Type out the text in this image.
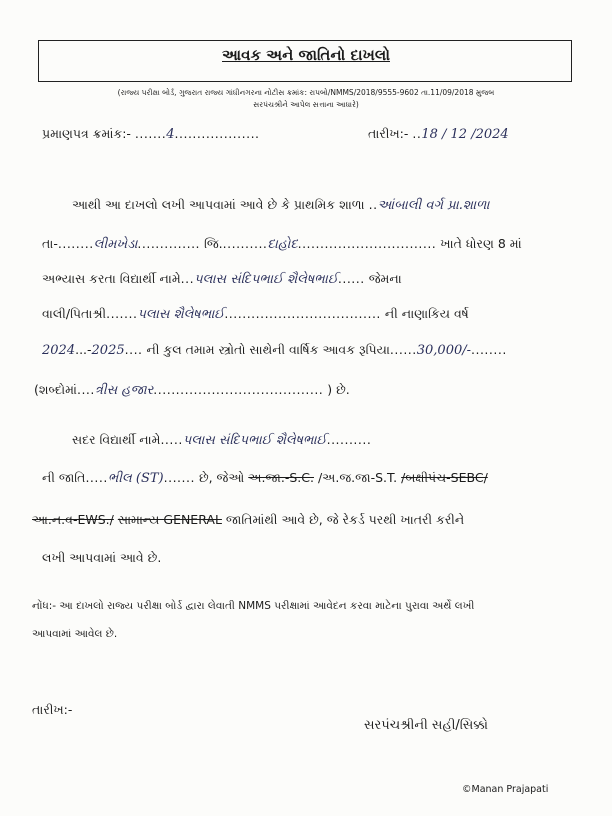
આવક અને જાતિનો દાખલો
(રાજ્ય પરીક્ષા બોર્ડ, ગુજરાત રાજ્ય ગાંધીનગરના નોટીસ ક્રમાંક: રાપબો/NMMS/2018/9555-9602 તા.11/09/2018 મુજબ
સરપંચશ્રીને આપેલ સત્તાના આધારે)
પ્રમાણપત્ર ક્રમાંક:- .......4...................	તારીખ:- ..18 / 12 /2024
આથી આ દાખલો લખી આપવામાં આવે છે કે પ્રાથમિક શાળા ..આંબાલી વર્ગ પ્રા.શાળા
તા-........લીમખેડા.............. જિ...........દાહોદ............................... ખાતે ધોરણ 8 માં
અભ્યાસ કરતા વિદ્યાર્થી નામે...પલાસ સંદિપભાઈ શૈલેષભાઈ...... જેમના
વાલી/પિતાશ્રી.......પલાસ શૈલેષભાઈ................................... ની નાણાકિય વર્ષ
2024...-2025.... ની કુલ તમામ સ્ત્રોતો સાથેની વાર્ષિક આવક રૂપિયા......30,000/-........
(શબ્દોમાં....ત્રીસ હજાર...................................... ) છે.
સદર વિદ્યાર્થી નામે.....પલાસ સંદિપભાઈ શૈલેષભાઈ..........
ની જાતિ.....ભીલ (ST)....... છે, જેઓ અ.જા.-S.C. /અ.જ.જા-S.T. /બક્ષીપંચ-SEBC/
આ.ન.વ-EWS./ સામાન્ય GENERAL જાતિમાંથી આવે છે, જે રેકર્ડ પરથી ખાતરી કરીને
લખી આપવામાં આવે છે.
નોંધ:- આ દાખલો રાજ્ય પરીક્ષા બોર્ડ દ્વારા લેવાતી NMMS પરીક્ષામાં આવેદન કરવા માટેના પુરાવા અર્થે લખી
આપવામાં આવેલ છે.
તારીખ:-
સરપંચશ્રીની સહી/સિક્કો
©Manan Prajapati
